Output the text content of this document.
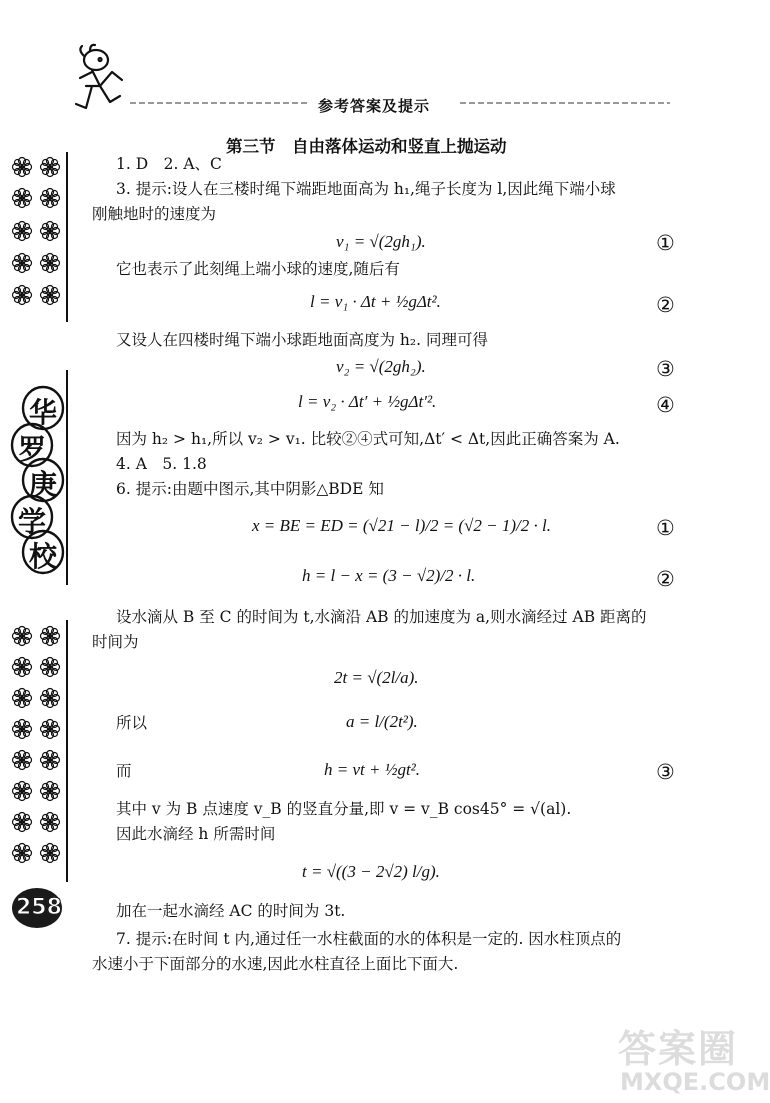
参考答案及提示
第三节　自由落体运动和竖直上抛运动
华
罗
庚
学
校
258
1. D　2. A、C
3. 提示:设人在三楼时绳下端距地面高为 h₁,绳子长度为 l,因此绳下端小球
刚触地时的速度为
v₁ = √(2gh₁).	①
它也表示了此刻绳上端小球的速度,随后有
l = v₁ · Δt + ½gΔt².	②
又设人在四楼时绳下端小球距地面高度为 h₂. 同理可得
v₂ = √(2gh₂).	③
l = v₂ · Δt′ + ½gΔt′².	④
因为 h₂ > h₁,所以 v₂ > v₁. 比较②④式可知,Δt′ < Δt,因此正确答案为 A.
4. A　5. 1.8
6. 提示:由题中图示,其中阴影△BDE 知
x = BE = ED = (√21 − l)/2 = (√2 − 1)/2 · l.	①
h = l − x = (3 − √2)/2 · l.	②
设水滴从 B 至 C 的时间为 t,水滴沿 AB 的加速度为 a,则水滴经过 AB 距离的
时间为
2t = √(2l/a).
所以	a = l/(2t²).
而	h = vt + ½gt².	③
其中 v 为 B 点速度 v_B 的竖直分量,即 v = v_B cos45° = √(al).
因此水滴经 h 所需时间
t = √((3 − 2√2) l/g).
加在一起水滴经 AC 的时间为 3t.
7. 提示:在时间 t 内,通过任一水柱截面的水的体积是一定的. 因水柱顶点的
水速小于下面部分的水速,因此水柱直径上面比下面大.
答案圈
MXQE.COM
